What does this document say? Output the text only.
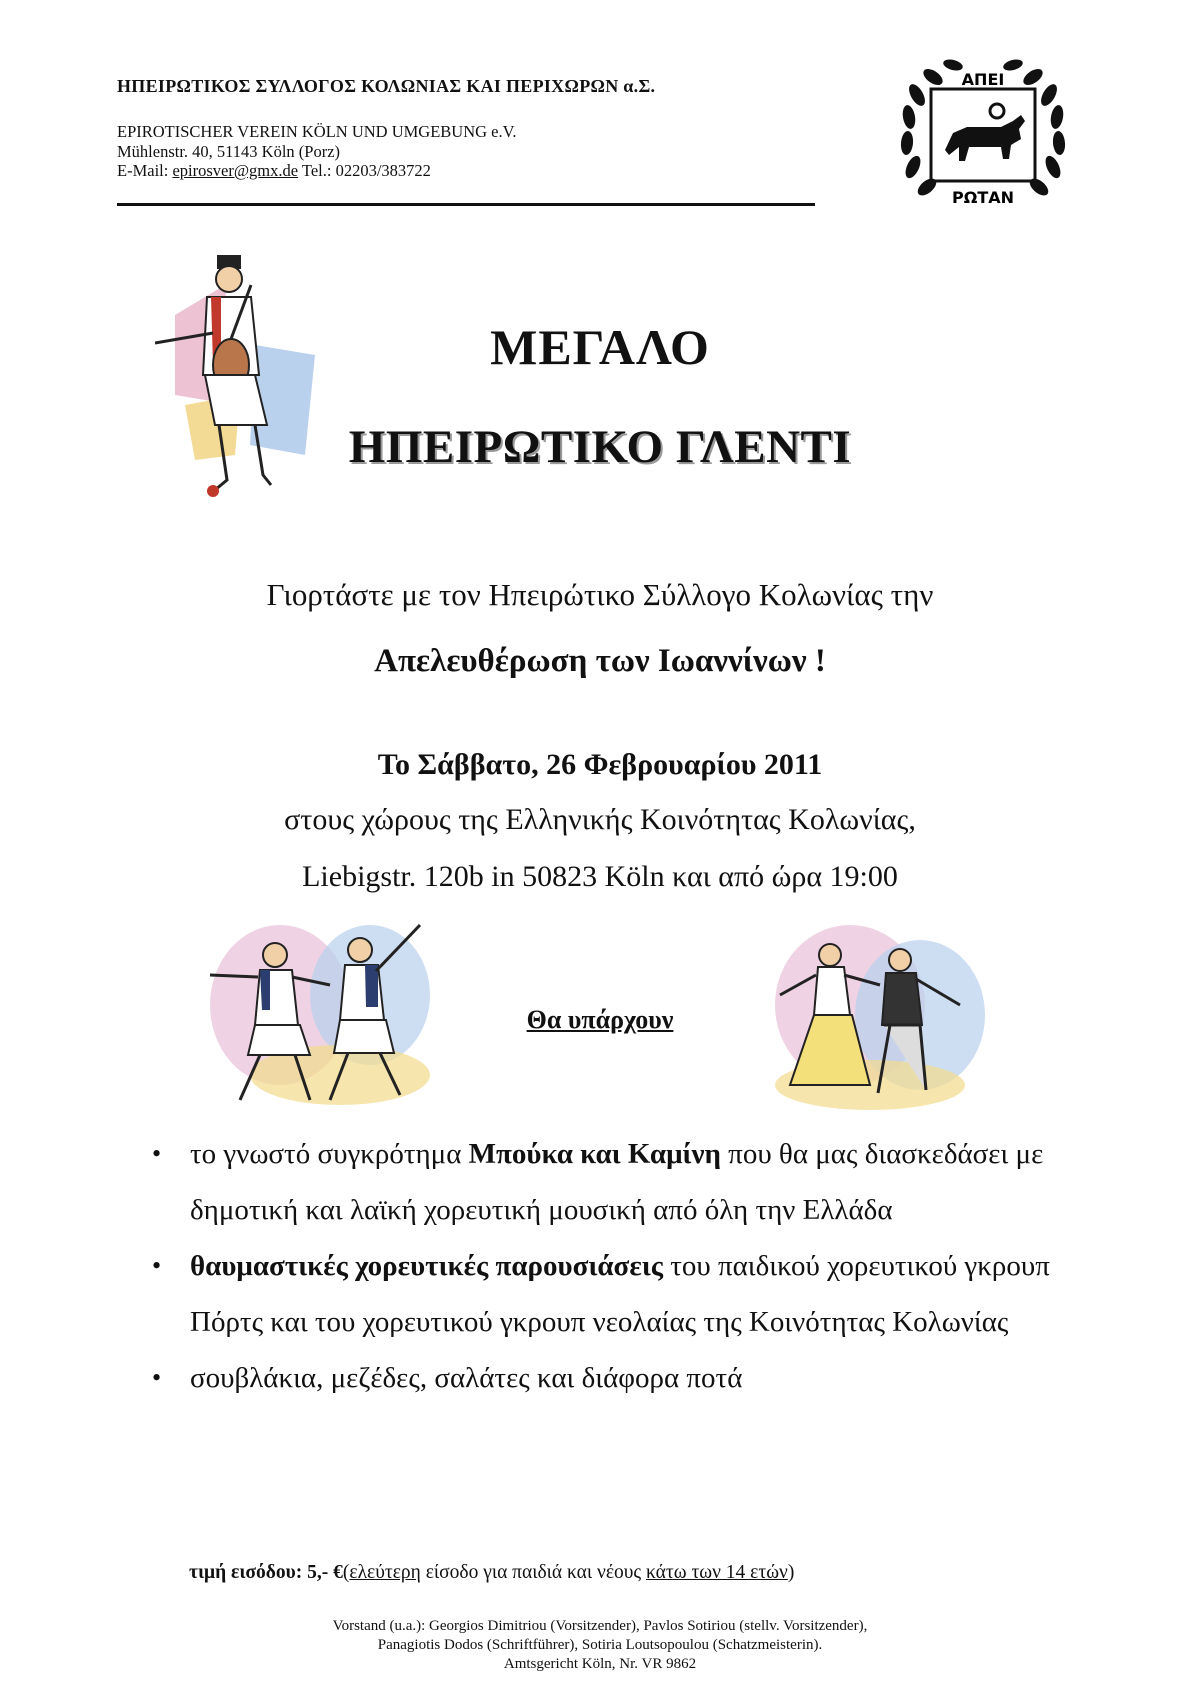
ΗΠΕΙΡΩΤΙΚΟΣ ΣΥΛΛΟΓΟΣ ΚΟΛΩΝΙΑΣ ΚΑΙ ΠΕΡΙΧΩΡΩΝ α.Σ.
EPIROTISCHER VEREIN KÖLN UND UMGEBUNG e.V.
Mühlenstr. 40, 51143 Köln (Porz)
E-Mail: epirosver@gmx.de Tel.: 02203/383722
ΑΠΕΙ
ΡΩΤΑΝ
ΜΕΓΑΛΟ
ΗΠΕΙΡΩΤΙΚΟ ΓΛΕΝΤΙ
Γιορτάστε με τον Ηπειρώτικο Σύλλογο Κολωνίας την
Απελευθέρωση των Ιωαννίνων !
Το Σάββατο, 26 Φεβρουαρίου 2011
στους χώρους της Ελληνικής Κοινότητας Κολωνίας,
Liebigstr. 120b in 50823 Köln και από ώρα 19:00
Θα υπάρχουν
• το γνωστό συγκρότημα Μπούκα και Καμίνη που θα μας διασκεδάσει με δημοτική και λαϊκή χορευτική μουσική από όλη την Ελλάδα
• θαυμαστικές χορευτικές παρουσιάσεις του παιδικού χορευτικού γκρουπ Πόρτς και του χορευτικού γκρουπ νεολαίας της Κοινότητας Κολωνίας
• σουβλάκια, μεζέδες, σαλάτες και διάφορα ποτά
τιμή εισόδου: 5,- €(ελεύτερη είσοδο για παιδιά και νέους κάτω των 14 ετών)
Vorstand (u.a.): Georgios Dimitriou (Vorsitzender), Pavlos Sotiriou (stellv. Vorsitzender),
Panagiotis Dodos (Schriftführer), Sotiria Loutsopoulou (Schatzmeisterin).
Amtsgericht Köln, Nr. VR 9862
